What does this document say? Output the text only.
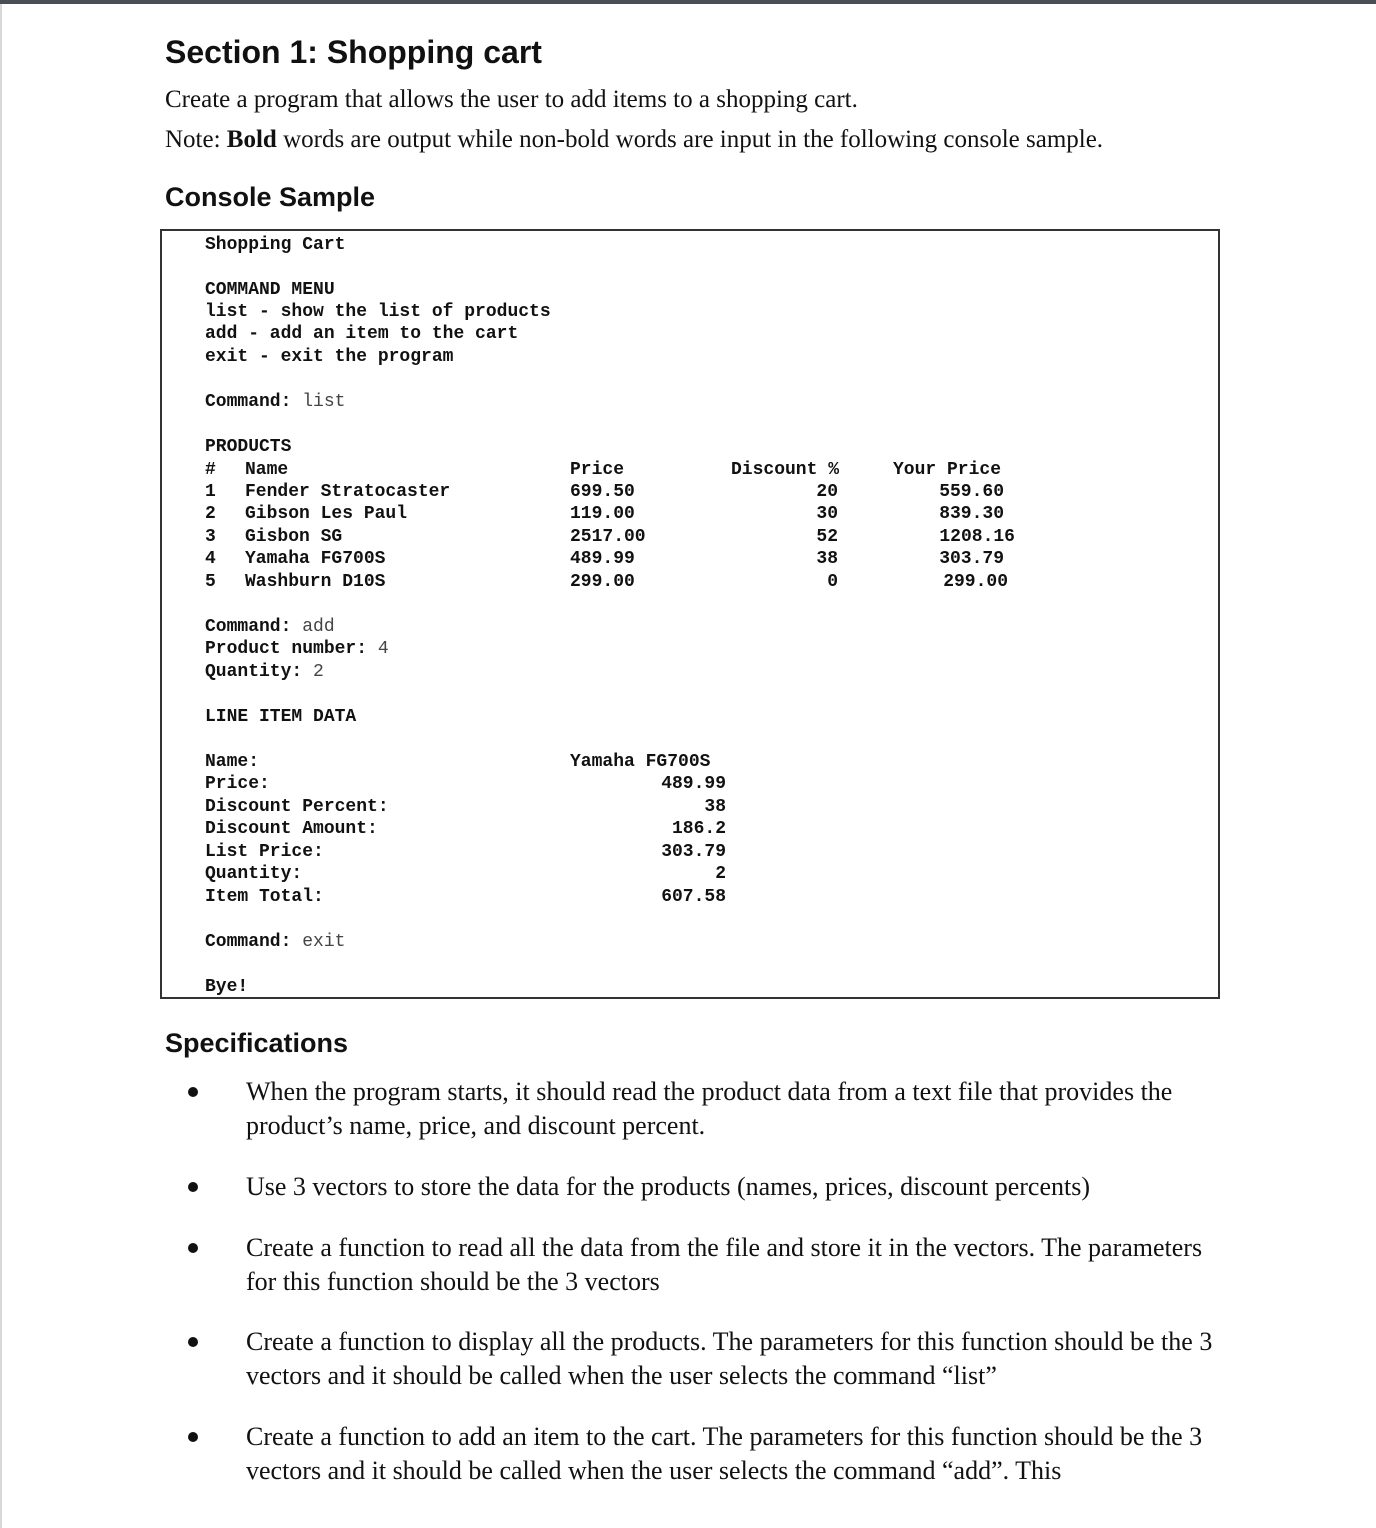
Section 1: Shopping cart
Create a program that allows the user to add items to a shopping cart.
Note: Bold words are output while non-bold words are input in the following console sample.
Console Sample
Shopping Cart
COMMAND MENU
list - show the list of products
add - add an item to the cart
exit - exit the program
Command: list
PRODUCTS
# Name	Price	Discount %	Your Price
1 Fender Stratocaster	699.50	20	559.60
2 Gibson Les Paul	119.00	30	839.30
3 Gisbon SG	2517.00	52	1208.16
4 Yamaha FG700S	489.99	38	303.79
5 Washburn D10S	299.00	0	299.00
Command: add
Product number: 4
Quantity: 2
LINE ITEM DATA
Name:	Yamaha FG700S
Price:	489.99
Discount Percent:	38
Discount Amount:	186.2
List Price:	303.79
Quantity:	2
Item Total:	607.58
Command: exit
Bye!
Specifications
When the program starts, it should read the product data from a text file that provides the product’s name, price, and discount percent.
Use 3 vectors to store the data for the products (names, prices, discount percents)
Create a function to read all the data from the file and store it in the vectors. The parameters for this function should be the 3 vectors
Create a function to display all the products. The parameters for this function should be the 3 vectors and it should be called when the user selects the command “list”
Create a function to add an item to the cart. The parameters for this function should be the 3 vectors and it should be called when the user selects the command “add”. This
